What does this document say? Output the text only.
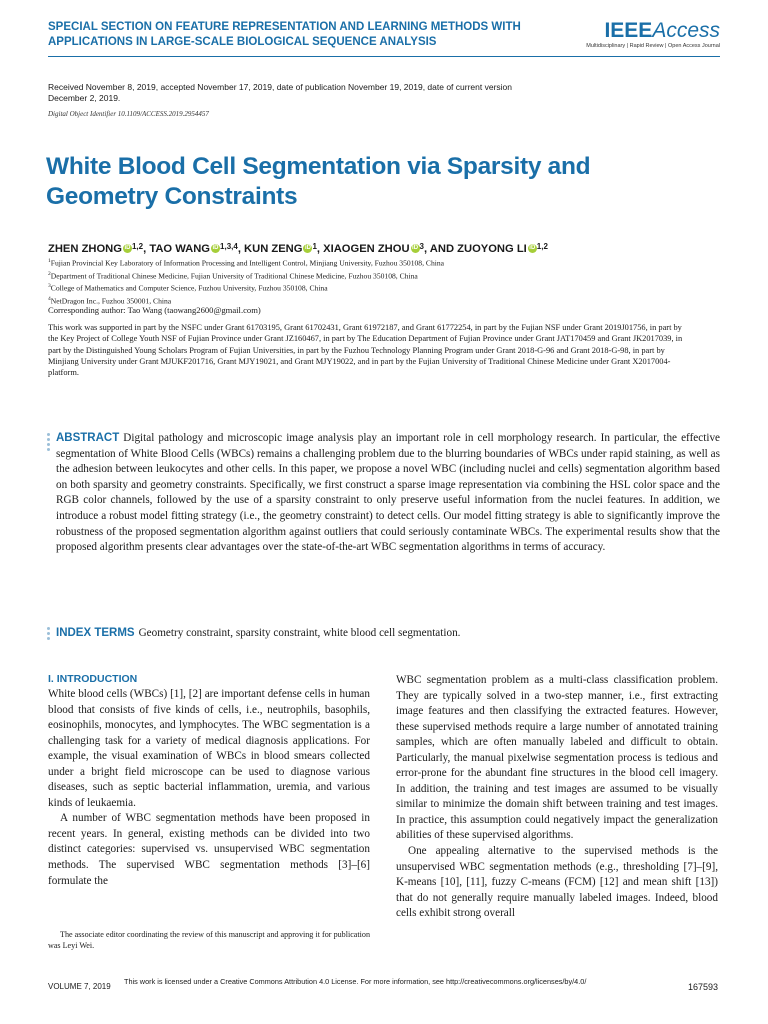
SPECIAL SECTION ON FEATURE REPRESENTATION AND LEARNING METHODS WITH APPLICATIONS IN LARGE-SCALE BIOLOGICAL SEQUENCE ANALYSIS	IEEEAccess
Multidisciplinary | Rapid Review | Open Access Journal
Received November 8, 2019, accepted November 17, 2019, date of publication November 19, 2019, date of current version December 2, 2019.
Digital Object Identifier 10.1109/ACCESS.2019.2954457
White Blood Cell Segmentation via Sparsity and Geometry Constraints
ZHEN ZHONG iD $^{1,2}$, TAO WANG iD $^{1,3,4}$, KUN ZENG iD $^1$, XIAOGEN ZHOU iD $^3$, AND ZUOYONG LI iD $^{1,2}$
$^1$Fujian Provincial Key Laboratory of Information Processing and Intelligent Control, Minjiang University, Fuzhou 350108, China
$^2$Department of Traditional Chinese Medicine, Fujian University of Traditional Chinese Medicine, Fuzhou 350108, China
$^3$College of Mathematics and Computer Science, Fuzhou University, Fuzhou 350108, China
$^4$NetDragon Inc., Fuzhou 350001, China
Corresponding author: Tao Wang (taowang2600@gmail.com)
This work was supported in part by the NSFC under Grant 61703195, Grant 61702431, Grant 61972187, and Grant 61772254, in part by the Fujian NSF under Grant 2019J01756, in part by the Key Project of College Youth NSF of Fujian Province under Grant JZ160467, in part by The Education Department of Fujian Province under Grant JAT170459 and Grant JK2017039, in part by the Distinguished Young Scholars Program of Fujian Universities, in part by the Fuzhou Technology Planning Program under Grant 2018-G-96 and Grant 2018-G-98, in part by Minjiang University under Grant MJUKF201716, Grant MJY19021, and Grant MJY19022, and in part by the Fujian University of Traditional Chinese Medicine under Grant X2017004-platform.
ABSTRACT Digital pathology and microscopic image analysis play an important role in cell morphology research. In particular, the effective segmentation of White Blood Cells (WBCs) remains a challenging problem due to the blurring boundaries of WBCs under rapid staining, as well as the adhesion between leukocytes and other cells. In this paper, we propose a novel WBC (including nuclei and cells) segmentation algorithm based on both sparsity and geometry constraints. Specifically, we first construct a sparse image representation via combining the HSL color space and the RGB color channels, followed by the use of a sparsity constraint to only preserve useful information from the nuclei features. In addition, we introduce a robust model fitting strategy (i.e., the geometry constraint) to detect cells. Our model fitting strategy is able to significantly improve the robustness of the proposed segmentation algorithm against outliers that could seriously contaminate WBCs. The experimental results show that the proposed algorithm presents clear advantages over the state-of-the-art WBC segmentation algorithms in terms of accuracy.
INDEX TERMS Geometry constraint, sparsity constraint, white blood cell segmentation.
I. INTRODUCTION

White blood cells (WBCs) [1], [2] are important defense cells in human blood that consists of five kinds of cells, i.e., neutrophils, basophils, eosinophils, monocytes, and lymphocytes. The WBC segmentation is a challenging task for a variety of medical diagnosis applications. For example, the visual examination of WBCs in blood smears collected under a bright field microscope can be used to diagnose various diseases, such as septic bacterial inflammation, uremia, and various kinds of leukaemia.

A number of WBC segmentation methods have been proposed in recent years. In general, existing methods can be divided into two distinct categories: supervised vs. unsupervised WBC segmentation methods. The supervised WBC segmentation methods [3]–[6] formulate the

WBC segmentation problem as a multi-class classification problem. They are typically solved in a two-step manner, i.e., first extracting image features and then classifying the extracted features. However, these supervised methods require a large number of annotated training samples, which are often manually labeled and difficult to obtain. Particularly, the manual pixelwise segmentation process is tedious and error-prone for the abundant fine structures in the blood cell imagery. In addition, the training and test images are assumed to be visually similar to minimize the domain shift between training and test images. In practice, this assumption could negatively impact the generalization abilities of these supervised algorithms.

One appealing alternative to the supervised methods is the unsupervised WBC segmentation methods (e.g., thresholding [7]–[9], K-means [10], [11], fuzzy C-means (FCM) [12] and mean shift [13]) that do not generally require manually labeled images. Indeed, blood cells exhibit strong overall

The associate editor coordinating the review of this manuscript and approving it for publication was Leyi Wei.
VOLUME 7, 2019
This work is licensed under a Creative Commons Attribution 4.0 License. For more information, see http://creativecommons.org/licenses/by/4.0/
167593
